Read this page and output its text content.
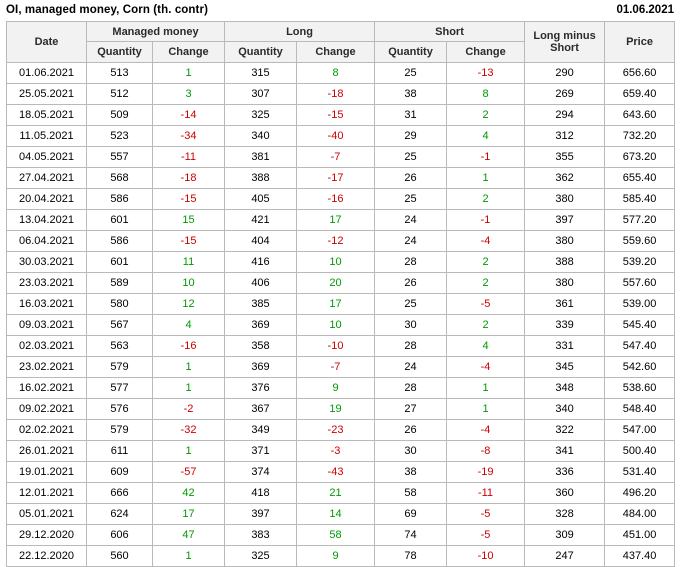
OI, managed money, Corn (th. contr)	01.06.2021
Date	Managed money		Long		Short		Long minus Short	Price
	Quantity	Change	Quantity	Change	Quantity	Change		
01.06.2021	513	1	315	8	25	-13	290	656.60
25.05.2021	512	3	307	-18	38	8	269	659.40
18.05.2021	509	-14	325	-15	31	2	294	643.60
11.05.2021	523	-34	340	-40	29	4	312	732.20
04.05.2021	557	-11	381	-7	25	-1	355	673.20
27.04.2021	568	-18	388	-17	26	1	362	655.40
20.04.2021	586	-15	405	-16	25	2	380	585.40
13.04.2021	601	15	421	17	24	-1	397	577.20
06.04.2021	586	-15	404	-12	24	-4	380	559.60
30.03.2021	601	11	416	10	28	2	388	539.20
23.03.2021	589	10	406	20	26	2	380	557.60
16.03.2021	580	12	385	17	25	-5	361	539.00
09.03.2021	567	4	369	10	30	2	339	545.40
02.03.2021	563	-16	358	-10	28	4	331	547.40
23.02.2021	579	1	369	-7	24	-4	345	542.60
16.02.2021	577	1	376	9	28	1	348	538.60
09.02.2021	576	-2	367	19	27	1	340	548.40
02.02.2021	579	-32	349	-23	26	-4	322	547.00
26.01.2021	611	1	371	-3	30	-8	341	500.40
19.01.2021	609	-57	374	-43	38	-19	336	531.40
12.01.2021	666	42	418	21	58	-11	360	496.20
05.01.2021	624	17	397	14	69	-5	328	484.00
29.12.2020	606	47	383	58	74	-5	309	451.00
22.12.2020	560	1	325	9	78	-10	247	437.40
